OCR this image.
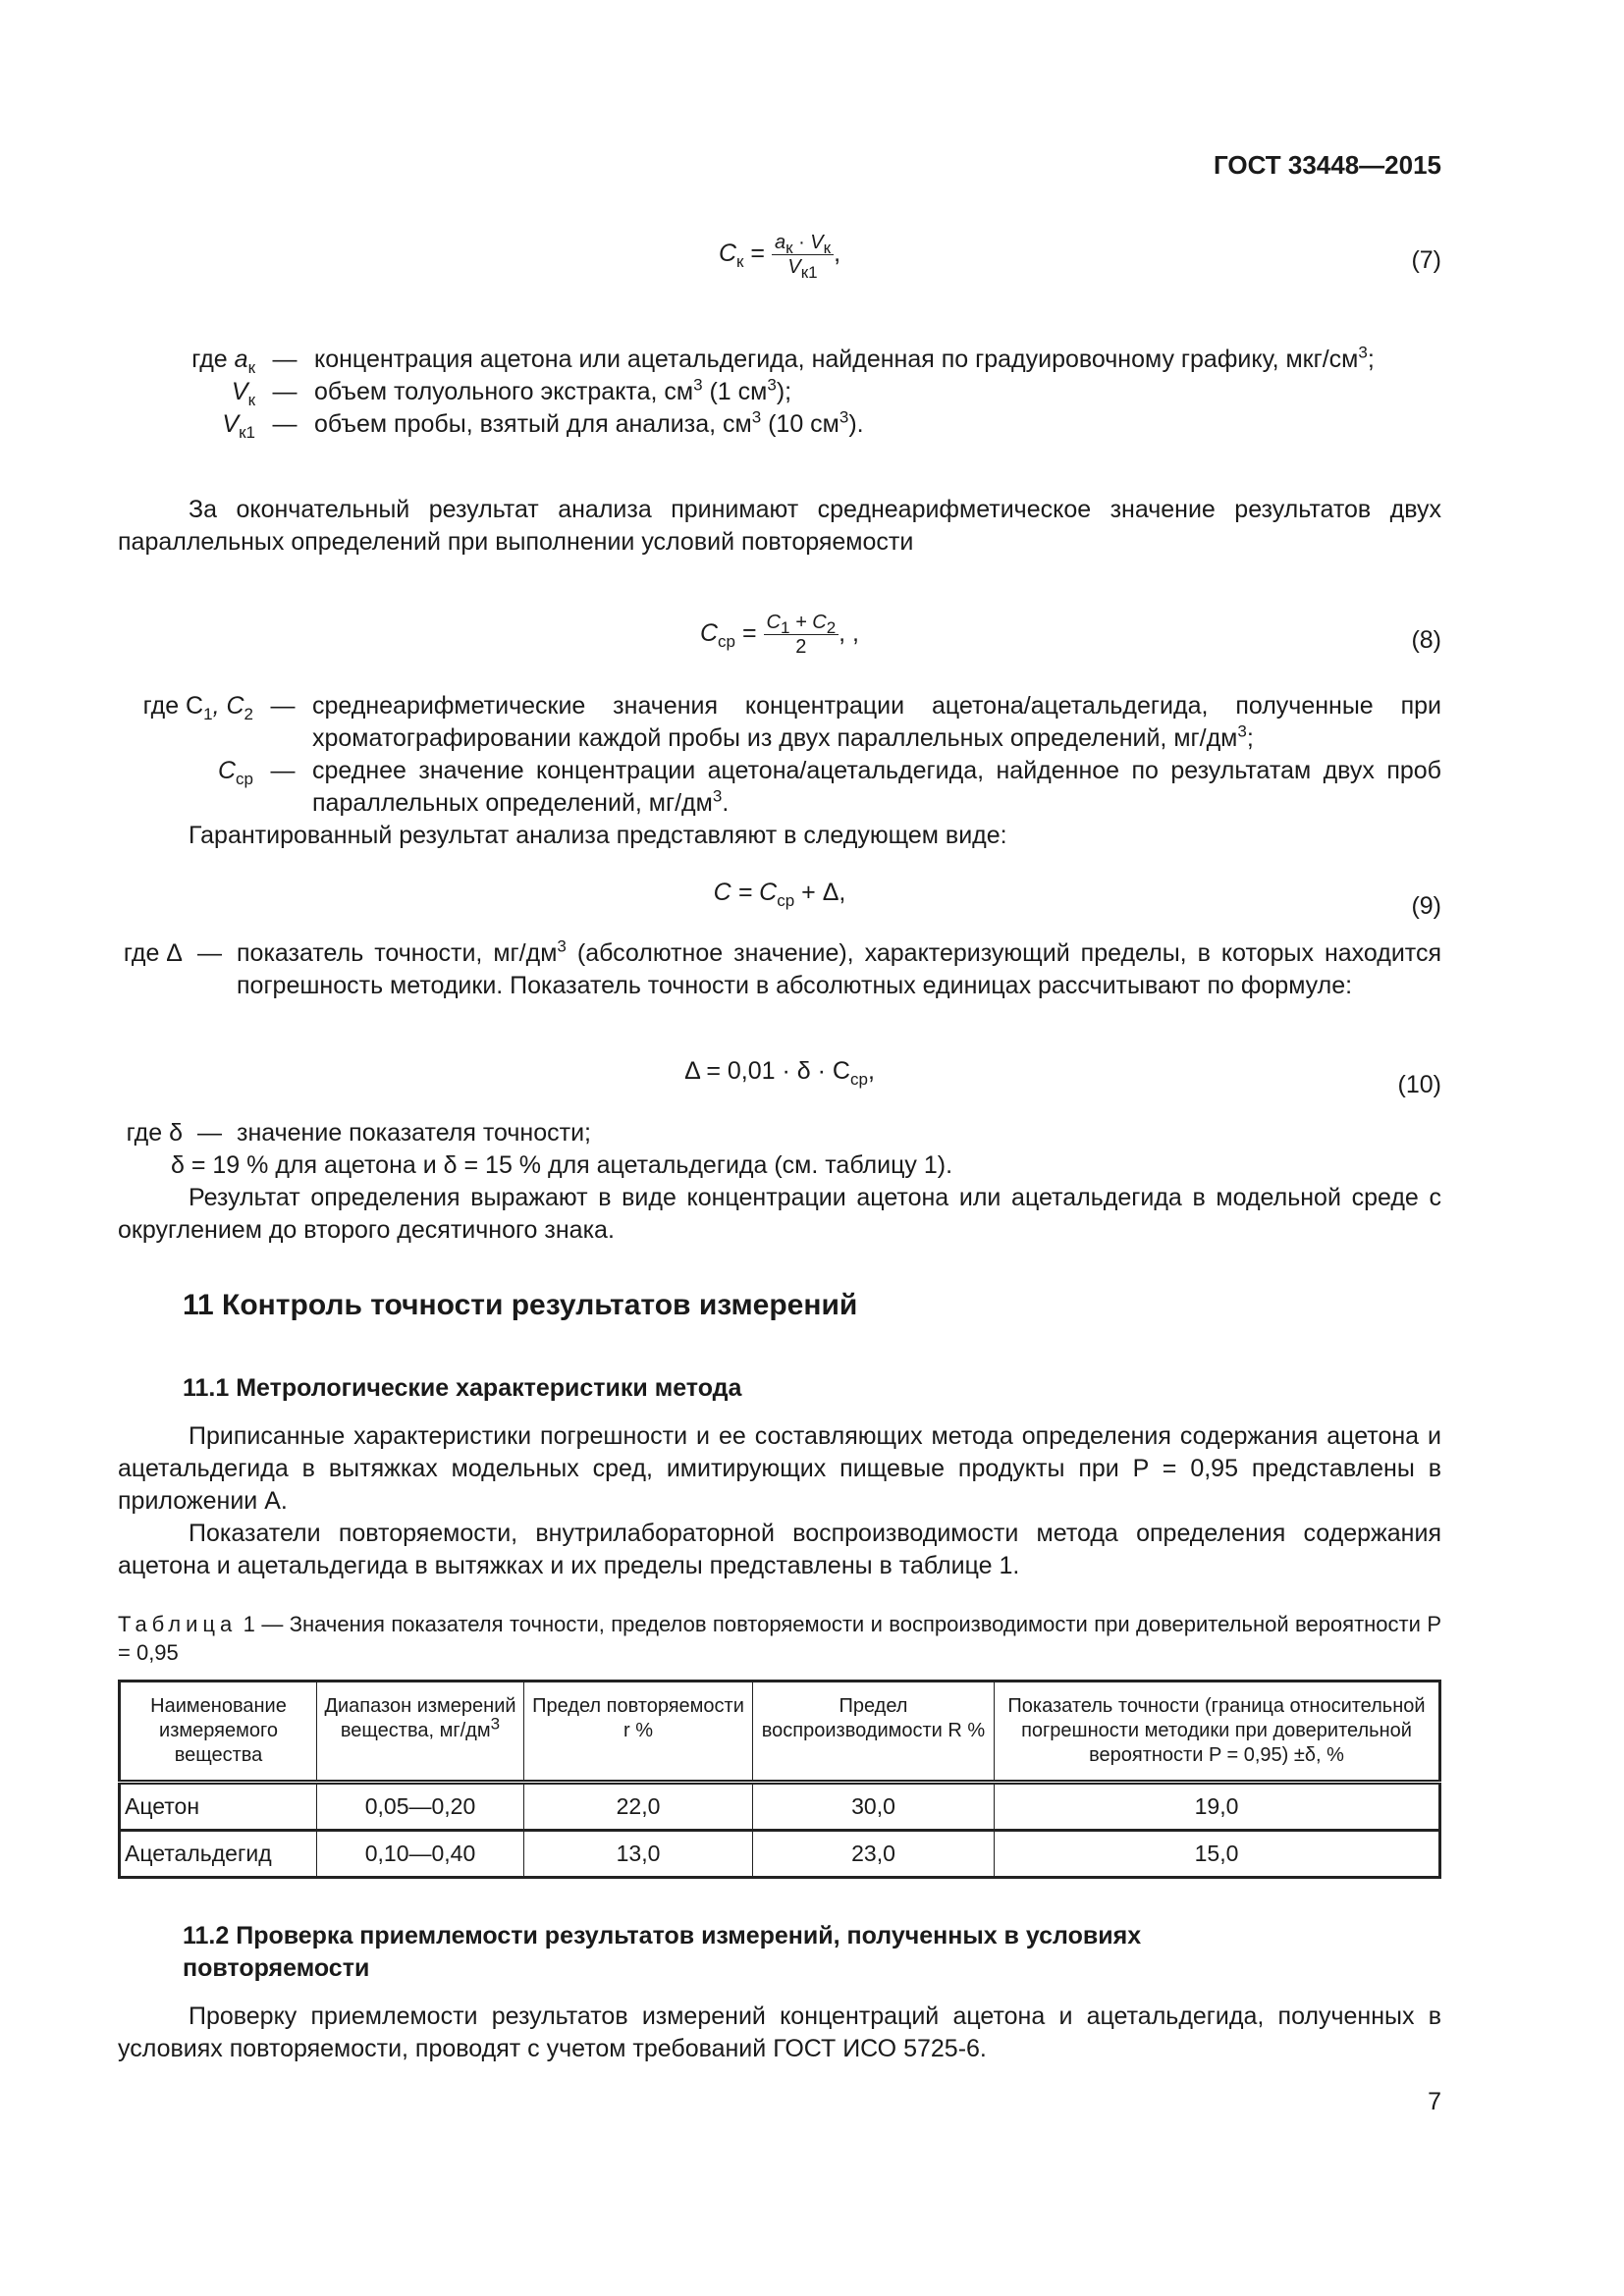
ГОСТ 33448—2015
$C_к = \frac{a_к \cdot V_к}{V_{к1}}$ ,	(7)
где $a_к$ — концентрация ацетона или ацетальдегида, найденная по градуировочному графику, мкг/$см^3$;
$V_к$ — объем толуольного экстракта, $см^3$ (1 $см^3$);
$V_{к1}$ — объем пробы, взятый для анализа, $см^3$ (10 $см^3$).
За окончательный результат анализа принимают среднеарифметическое значение результатов двух параллельных определений при выполнении условий повторяемости
$C_{ср} = \frac{C_1 + C_2}{2}$ , ,	(8)
где $C_1$, $C_2$ — среднеарифметические значения концентрации ацетона/ацетальдегида, полученные при хроматографировании каждой пробы из двух параллельных определений, $мг/дм^3$;
$C_{ср}$ — среднее значение концентрации ацетона/ацетальдегида, найденное по результатам двух проб параллельных определений, $мг/дм^3$.
Гарантированный результат анализа представляют в следующем виде:
$C = C_{ср} + \Delta$,	(9)
где Δ — показатель точности, $мг/дм^3$ (абсолютное значение), характеризующий пределы, в которых находится погрешность методики. Показатель точности в абсолютных единицах рассчитывают по формуле:
$\Delta = 0,01 \cdot \delta \cdot C_{ср}$,	(10)
где δ — значение показателя точности;
δ = 19 % для ацетона и δ = 15 % для ацетальдегида (см. таблицу 1).
Результат определения выражают в виде концентрации ацетона или ацетальдегида в модельной среде с округлением до второго десятичного знака.
11 Контроль точности результатов измерений
11.1 Метрологические характеристики метода
Приписанные характеристики погрешности и ее составляющих метода определения содержания ацетона и ацетальдегида в вытяжках модельных сред, имитирующих пищевые продукты при P = 0,95 представлены в приложении А.
Показатели повторяемости, внутрилабораторной воспроизводимости метода определения содержания ацетона и ацетальдегида в вытяжках и их пределы представлены в таблице 1.
Таблица 1 — Значения показателя точности, пределов повторяемости и воспроизводимости при доверительной вероятности P = 0,95
Наименование измеряемого вещества	Диапазон измерений вещества, $мг/дм^3$	Предел повторяемости r %	Предел воспроизводимости R %	Показатель точности (граница относительной погрешности методики при доверительной вероятности P = 0,95) ±δ, %
Ацетон	0,05—0,20	22,0	30,0	19,0
Ацетальдегид	0,10—0,40	13,0	23,0	15,0
11.2 Проверка приемлемости результатов измерений, полученных в условиях повторяемости
Проверку приемлемости результатов измерений концентраций ацетона и ацетальдегида, полученных в условиях повторяемости, проводят с учетом требований ГОСТ ИСО 5725-6.
7
